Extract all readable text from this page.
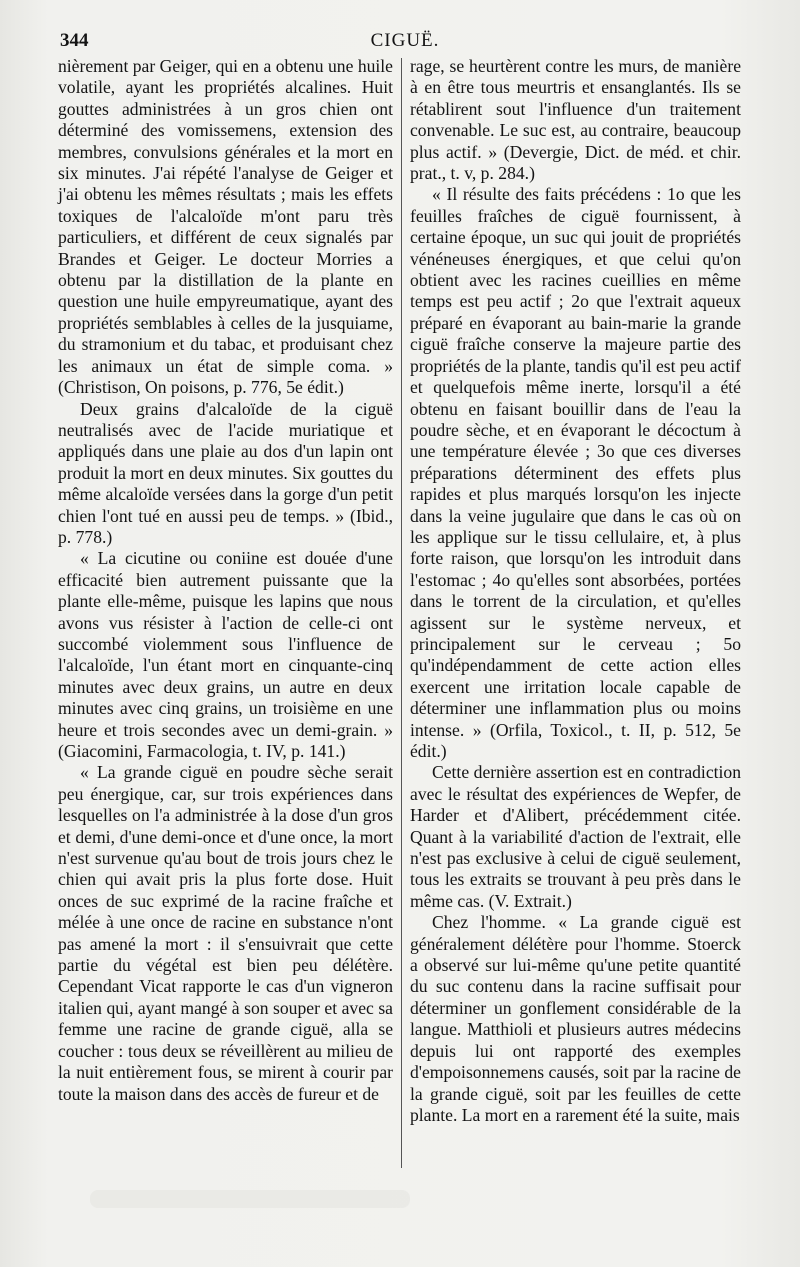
344	CIGUË.

nièrement par Geiger, qui en a obtenu une huile volatile, ayant les propriétés alcalines. Huit gouttes administrées à un gros chien ont déterminé des vomissemens, extension des membres, convulsions générales et la mort en six minutes. J'ai répété l'analyse de Geiger et j'ai obtenu les mêmes résultats ; mais les effets toxiques de l'alcaloïde m'ont paru très particuliers, et différent de ceux signalés par Brandes et Geiger. Le docteur Morries a obtenu par la distillation de la plante en question une huile empyreumatique, ayant des propriétés semblables à celles de la jusquiame, du stramonium et du tabac, et produisant chez les animaux un état de simple coma. » (Christison, On poisons, p. 776, 5e édit.)

Deux grains d'alcaloïde de la ciguë neutralisés avec de l'acide muriatique et appliqués dans une plaie au dos d'un lapin ont produit la mort en deux minutes. Six gouttes du même alcaloïde versées dans la gorge d'un petit chien l'ont tué en aussi peu de temps. » (Ibid., p. 778.)

« La cicutine ou coniine est douée d'une efficacité bien autrement puissante que la plante elle-même, puisque les lapins que nous avons vus résister à l'action de celle-ci ont succombé violemment sous l'influence de l'alcaloïde, l'un étant mort en cinquante-cinq minutes avec deux grains, un autre en deux minutes avec cinq grains, un troisième en une heure et trois secondes avec un demi-grain. » (Giacomini, Farmacologia, t. IV, p. 141.)

« La grande ciguë en poudre sèche serait peu énergique, car, sur trois expériences dans lesquelles on l'a administrée à la dose d'un gros et demi, d'une demi-once et d'une once, la mort n'est survenue qu'au bout de trois jours chez le chien qui avait pris la plus forte dose. Huit onces de suc exprimé de la racine fraîche et mélée à une once de racine en substance n'ont pas amené la mort : il s'ensuivrait que cette partie du végétal est bien peu délétère. Cependant Vicat rapporte le cas d'un vigneron italien qui, ayant mangé à son souper et avec sa femme une racine de grande ciguë, alla se coucher : tous deux se réveillèrent au milieu de la nuit entièrement fous, se mirent à courir par toute la maison dans des accès de fureur et de

rage, se heurtèrent contre les murs, de manière à en être tous meurtris et ensanglantés. Ils se rétablirent sout l'influence d'un traitement convenable. Le suc est, au contraire, beaucoup plus actif. » (Devergie, Dict. de méd. et chir. prat., t. v, p. 284.)

« Il résulte des faits précédens : 1o que les feuilles fraîches de ciguë fournissent, à certaine époque, un suc qui jouit de propriétés vénéneuses énergiques, et que celui qu'on obtient avec les racines cueillies en même temps est peu actif ; 2o que l'extrait aqueux préparé en évaporant au bain-marie la grande ciguë fraîche conserve la majeure partie des propriétés de la plante, tandis qu'il est peu actif et quelquefois même inerte, lorsqu'il a été obtenu en faisant bouillir dans de l'eau la poudre sèche, et en évaporant le décoctum à une température élevée ; 3o que ces diverses préparations déterminent des effets plus rapides et plus marqués lorsqu'on les injecte dans la veine jugulaire que dans le cas où on les applique sur le tissu cellulaire, et, à plus forte raison, que lorsqu'on les introduit dans l'estomac ; 4o qu'elles sont absorbées, portées dans le torrent de la circulation, et qu'elles agissent sur le système nerveux, et principalement sur le cerveau ; 5o qu'indépendamment de cette action elles exercent une irritation locale capable de déterminer une inflammation plus ou moins intense. » (Orfila, Toxicol., t. II, p. 512, 5e édit.)

Cette dernière assertion est en contradiction avec le résultat des expériences de Wepfer, de Harder et d'Alibert, précédemment citée. Quant à la variabilité d'action de l'extrait, elle n'est pas exclusive à celui de ciguë seulement, tous les extraits se trouvant à peu près dans le même cas. (V. Extrait.)

Chez l'homme. « La grande ciguë est généralement délétère pour l'homme. Stoerck a observé sur lui-même qu'une petite quantité du suc contenu dans la racine suffisait pour déterminer un gonflement considérable de la langue. Matthioli et plusieurs autres médecins depuis lui ont rapporté des exemples d'empoisonnemens causés, soit par la racine de la grande ciguë, soit par les feuilles de cette plante. La mort en a rarement été la suite, mais
